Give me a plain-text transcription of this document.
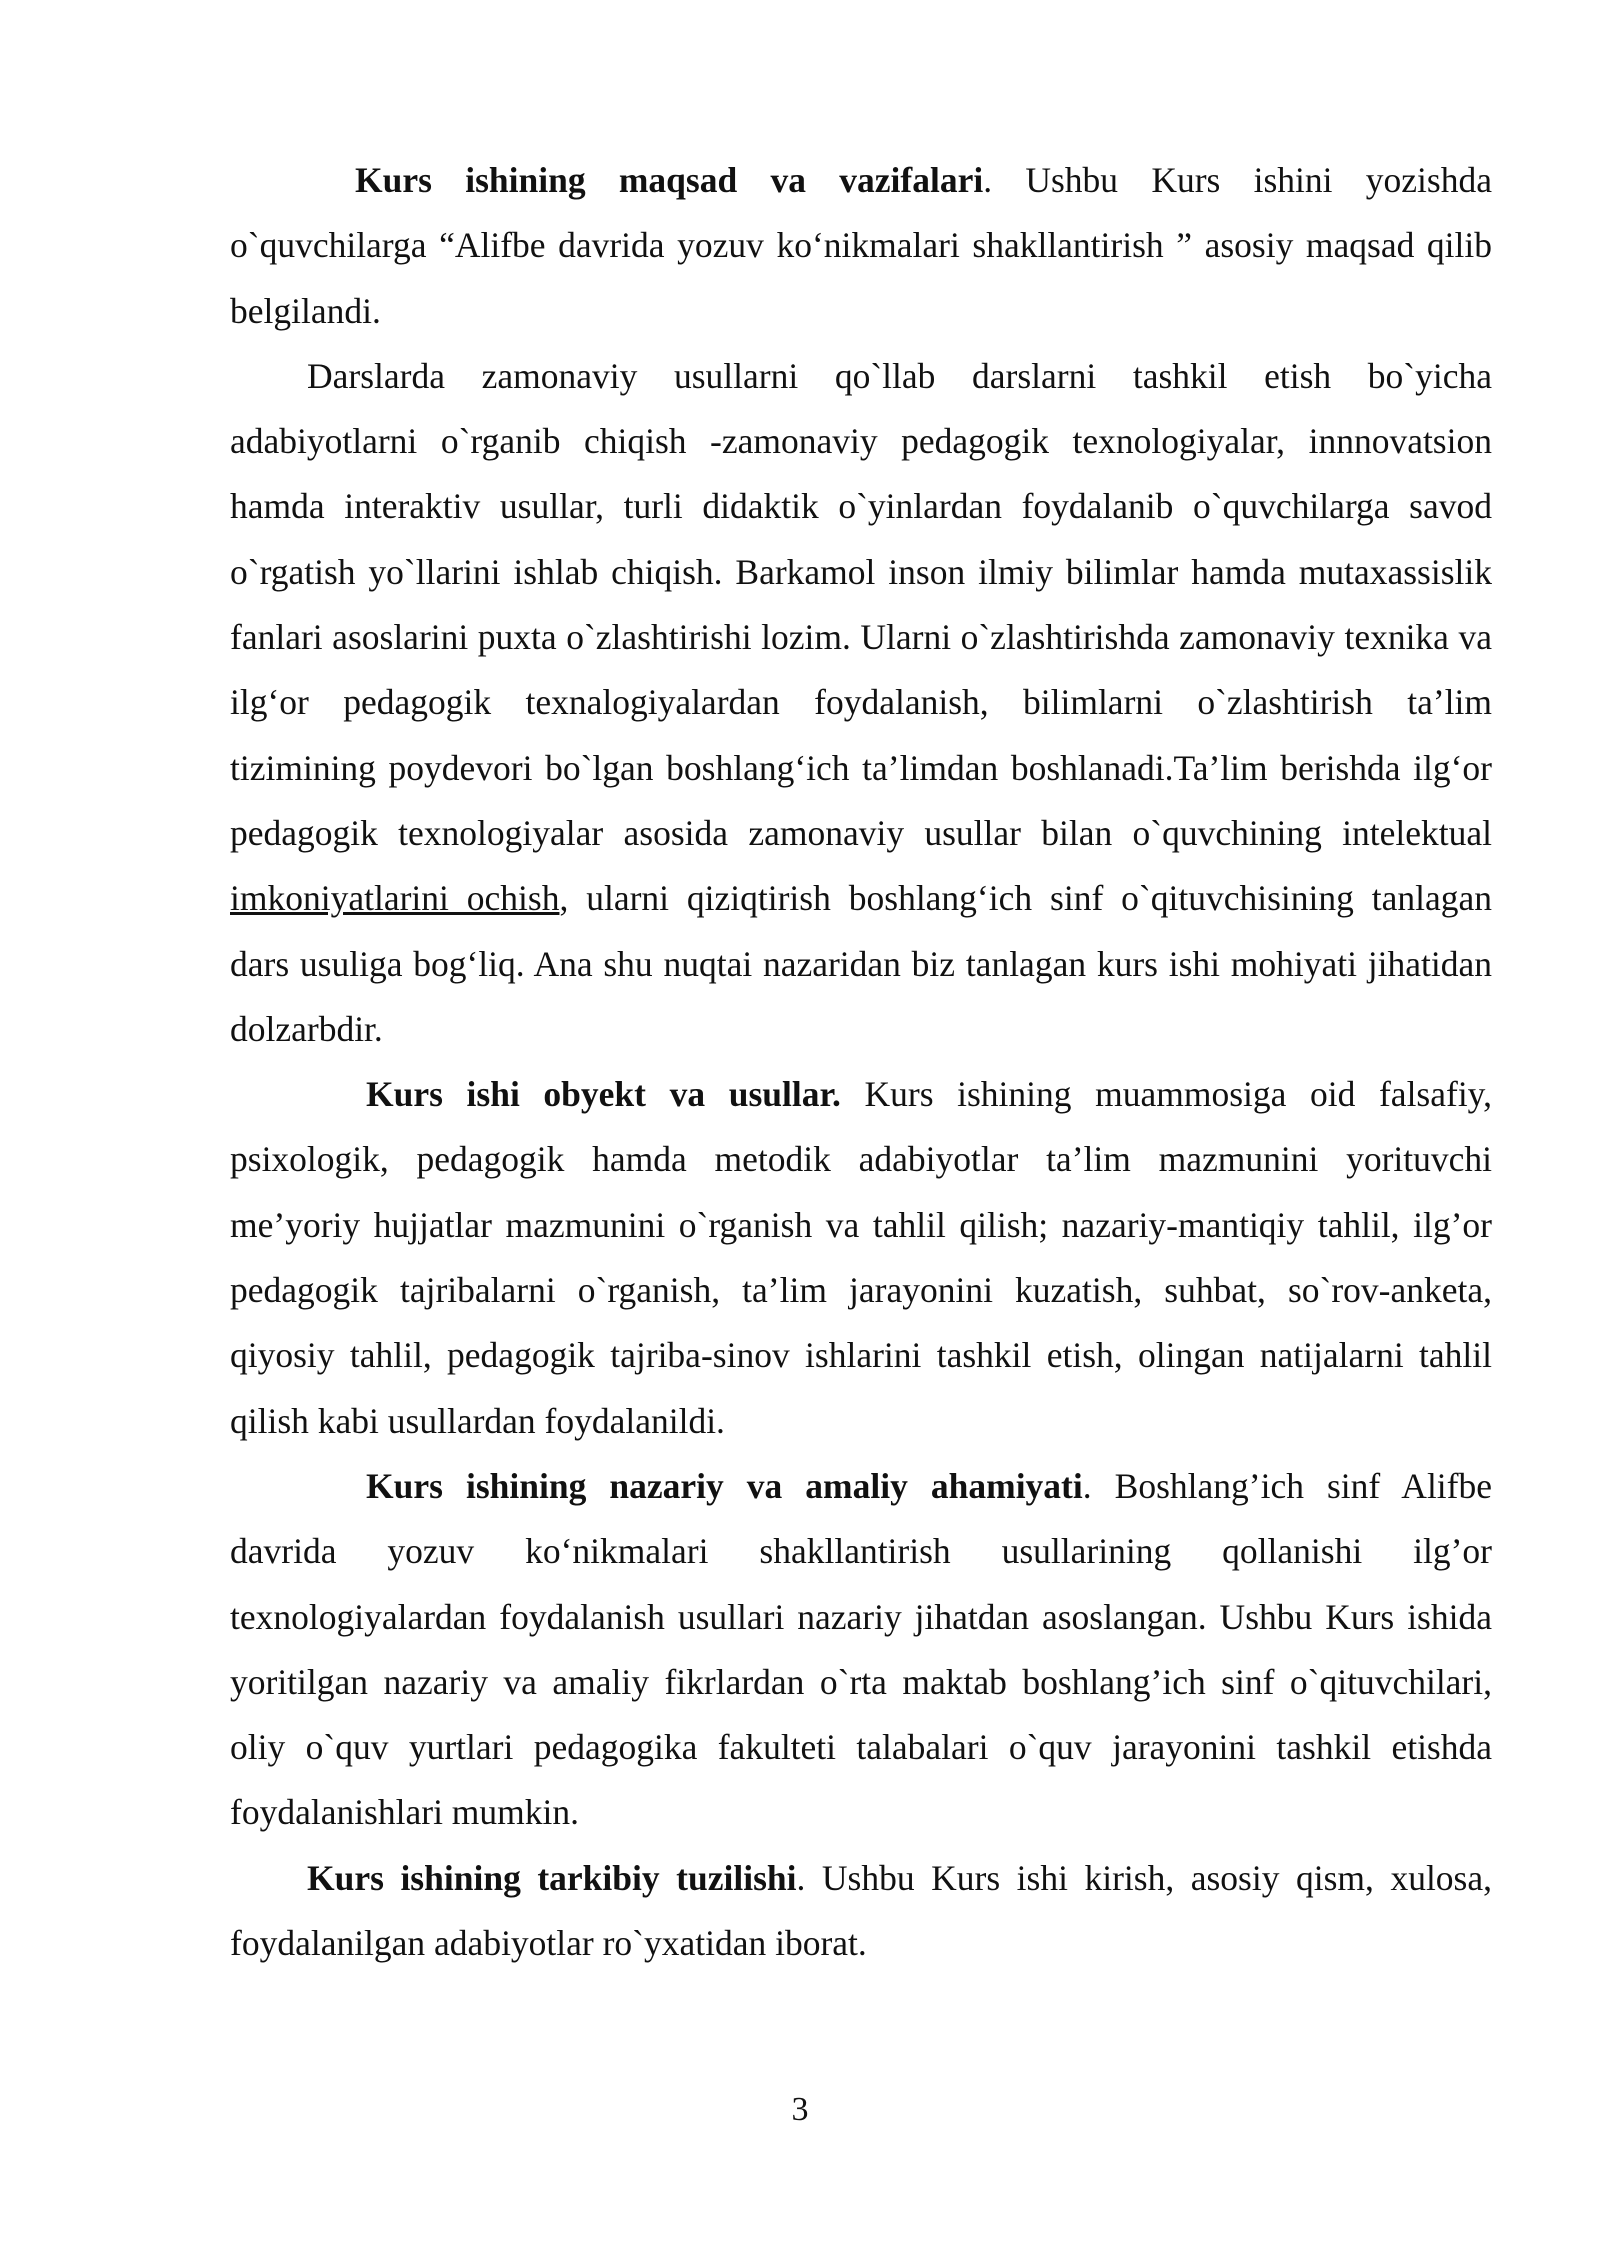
Kurs ishining maqsad va vazifalari. Ushbu Kurs ishini yozishda o`quvchilarga “Alifbe davrida yozuv ko‘nikmalari shakllantirish ” asosiy maqsad qilib belgilandi.

Darslarda zamonaviy usullarni qo`llab darslarni tashkil etish bo`yicha adabiyotlarni o`rganib chiqish -zamonaviy pedagogik texnologiyalar, innnovatsion hamda interaktiv usullar, turli didaktik o`yinlardan foydalanib o`quvchilarga savod o`rgatish yo`llarini ishlab chiqish. Barkamol inson ilmiy bilimlar hamda mutaxassislik fanlari asoslarini puxta o`zlashtirishi lozim. Ularni o`zlashtirishda zamonaviy texnika va ilg‘or pedagogik texnalogiyalardan foydalanish, bilimlarni o`zlashtirish ta’lim tizimining poydevori bo`lgan boshlang‘ich ta’limdan boshlanadi.Ta’lim berishda ilg‘or pedagogik texnologiyalar asosida zamonaviy usullar bilan o`quvchining intelektual imkoniyatlarini ochish, ularni qiziqtirish boshlang‘ich sinf o`qituvchisining tanlagan dars usuliga bog‘liq. Ana shu nuqtai nazaridan biz tanlagan kurs ishi mohiyati jihatidan dolzarbdir.

Kurs ishi obyekt va usullar. Kurs ishining muammosiga oid falsafiy, psixologik, pedagogik hamda metodik adabiyotlar ta’lim mazmunini yorituvchi me’yoriy hujjatlar mazmunini o`rganish va tahlil qilish; nazariy-mantiqiy tahlil, ilg’or pedagogik tajribalarni o`rganish, ta’lim jarayonini kuzatish, suhbat, so`rov-anketa, qiyosiy tahlil, pedagogik tajriba-sinov ishlarini tashkil etish, olingan natijalarni tahlil qilish kabi usullardan foydalanildi.

Kurs ishining nazariy va amaliy ahamiyati. Boshlang’ich sinf Alifbe davrida yozuv ko‘nikmalari shakllantirish usullarining qollanishi ilg’or texnologiyalardan foydalanish usullari nazariy jihatdan asoslangan. Ushbu Kurs ishida yoritilgan nazariy va amaliy fikrlardan o`rta maktab boshlang’ich sinf o`qituvchilari, oliy o`quv yurtlari pedagogika fakulteti talabalari o`quv jarayonini tashkil etishda foydalanishlari mumkin.

Kurs ishining tarkibiy tuzilishi. Ushbu Kurs ishi kirish, asosiy qism, xulosa, foydalanilgan adabiyotlar ro`yxatidan iborat.

3
